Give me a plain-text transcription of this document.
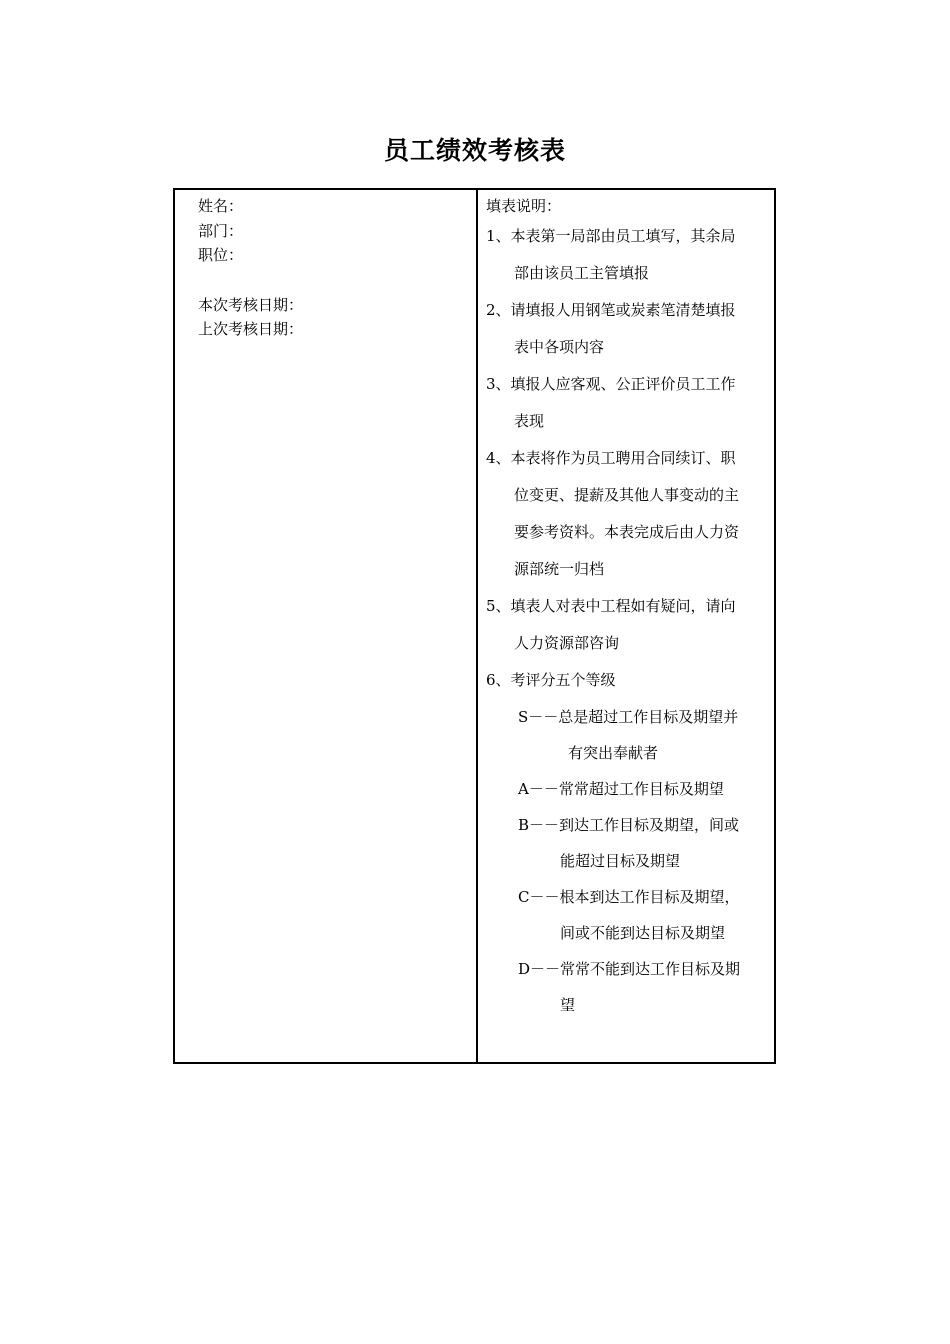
员工绩效考核表
姓名：
部门：
职位：
本次考核日期：
上次考核日期：
填表说明：
1、本表第一局部由员工填写，其余局
部由该员工主管填报
2、请填报人用钢笔或炭素笔清楚填报
表中各项内容
3、填报人应客观、公正评价员工工作
表现
4、本表将作为员工聘用合同续订、职
位变更、提薪及其他人事变动的主
要参考资料。本表完成后由人力资
源部统一归档
5、填表人对表中工程如有疑问，请向
人力资源部咨询
6、考评分五个等级
S－－总是超过工作目标及期望并
有突出奉献者
A－－常常超过工作目标及期望
B－－到达工作目标及期望，间或
能超过目标及期望
C－－根本到达工作目标及期望，
间或不能到达目标及期望
D－－常常不能到达工作目标及期
望
